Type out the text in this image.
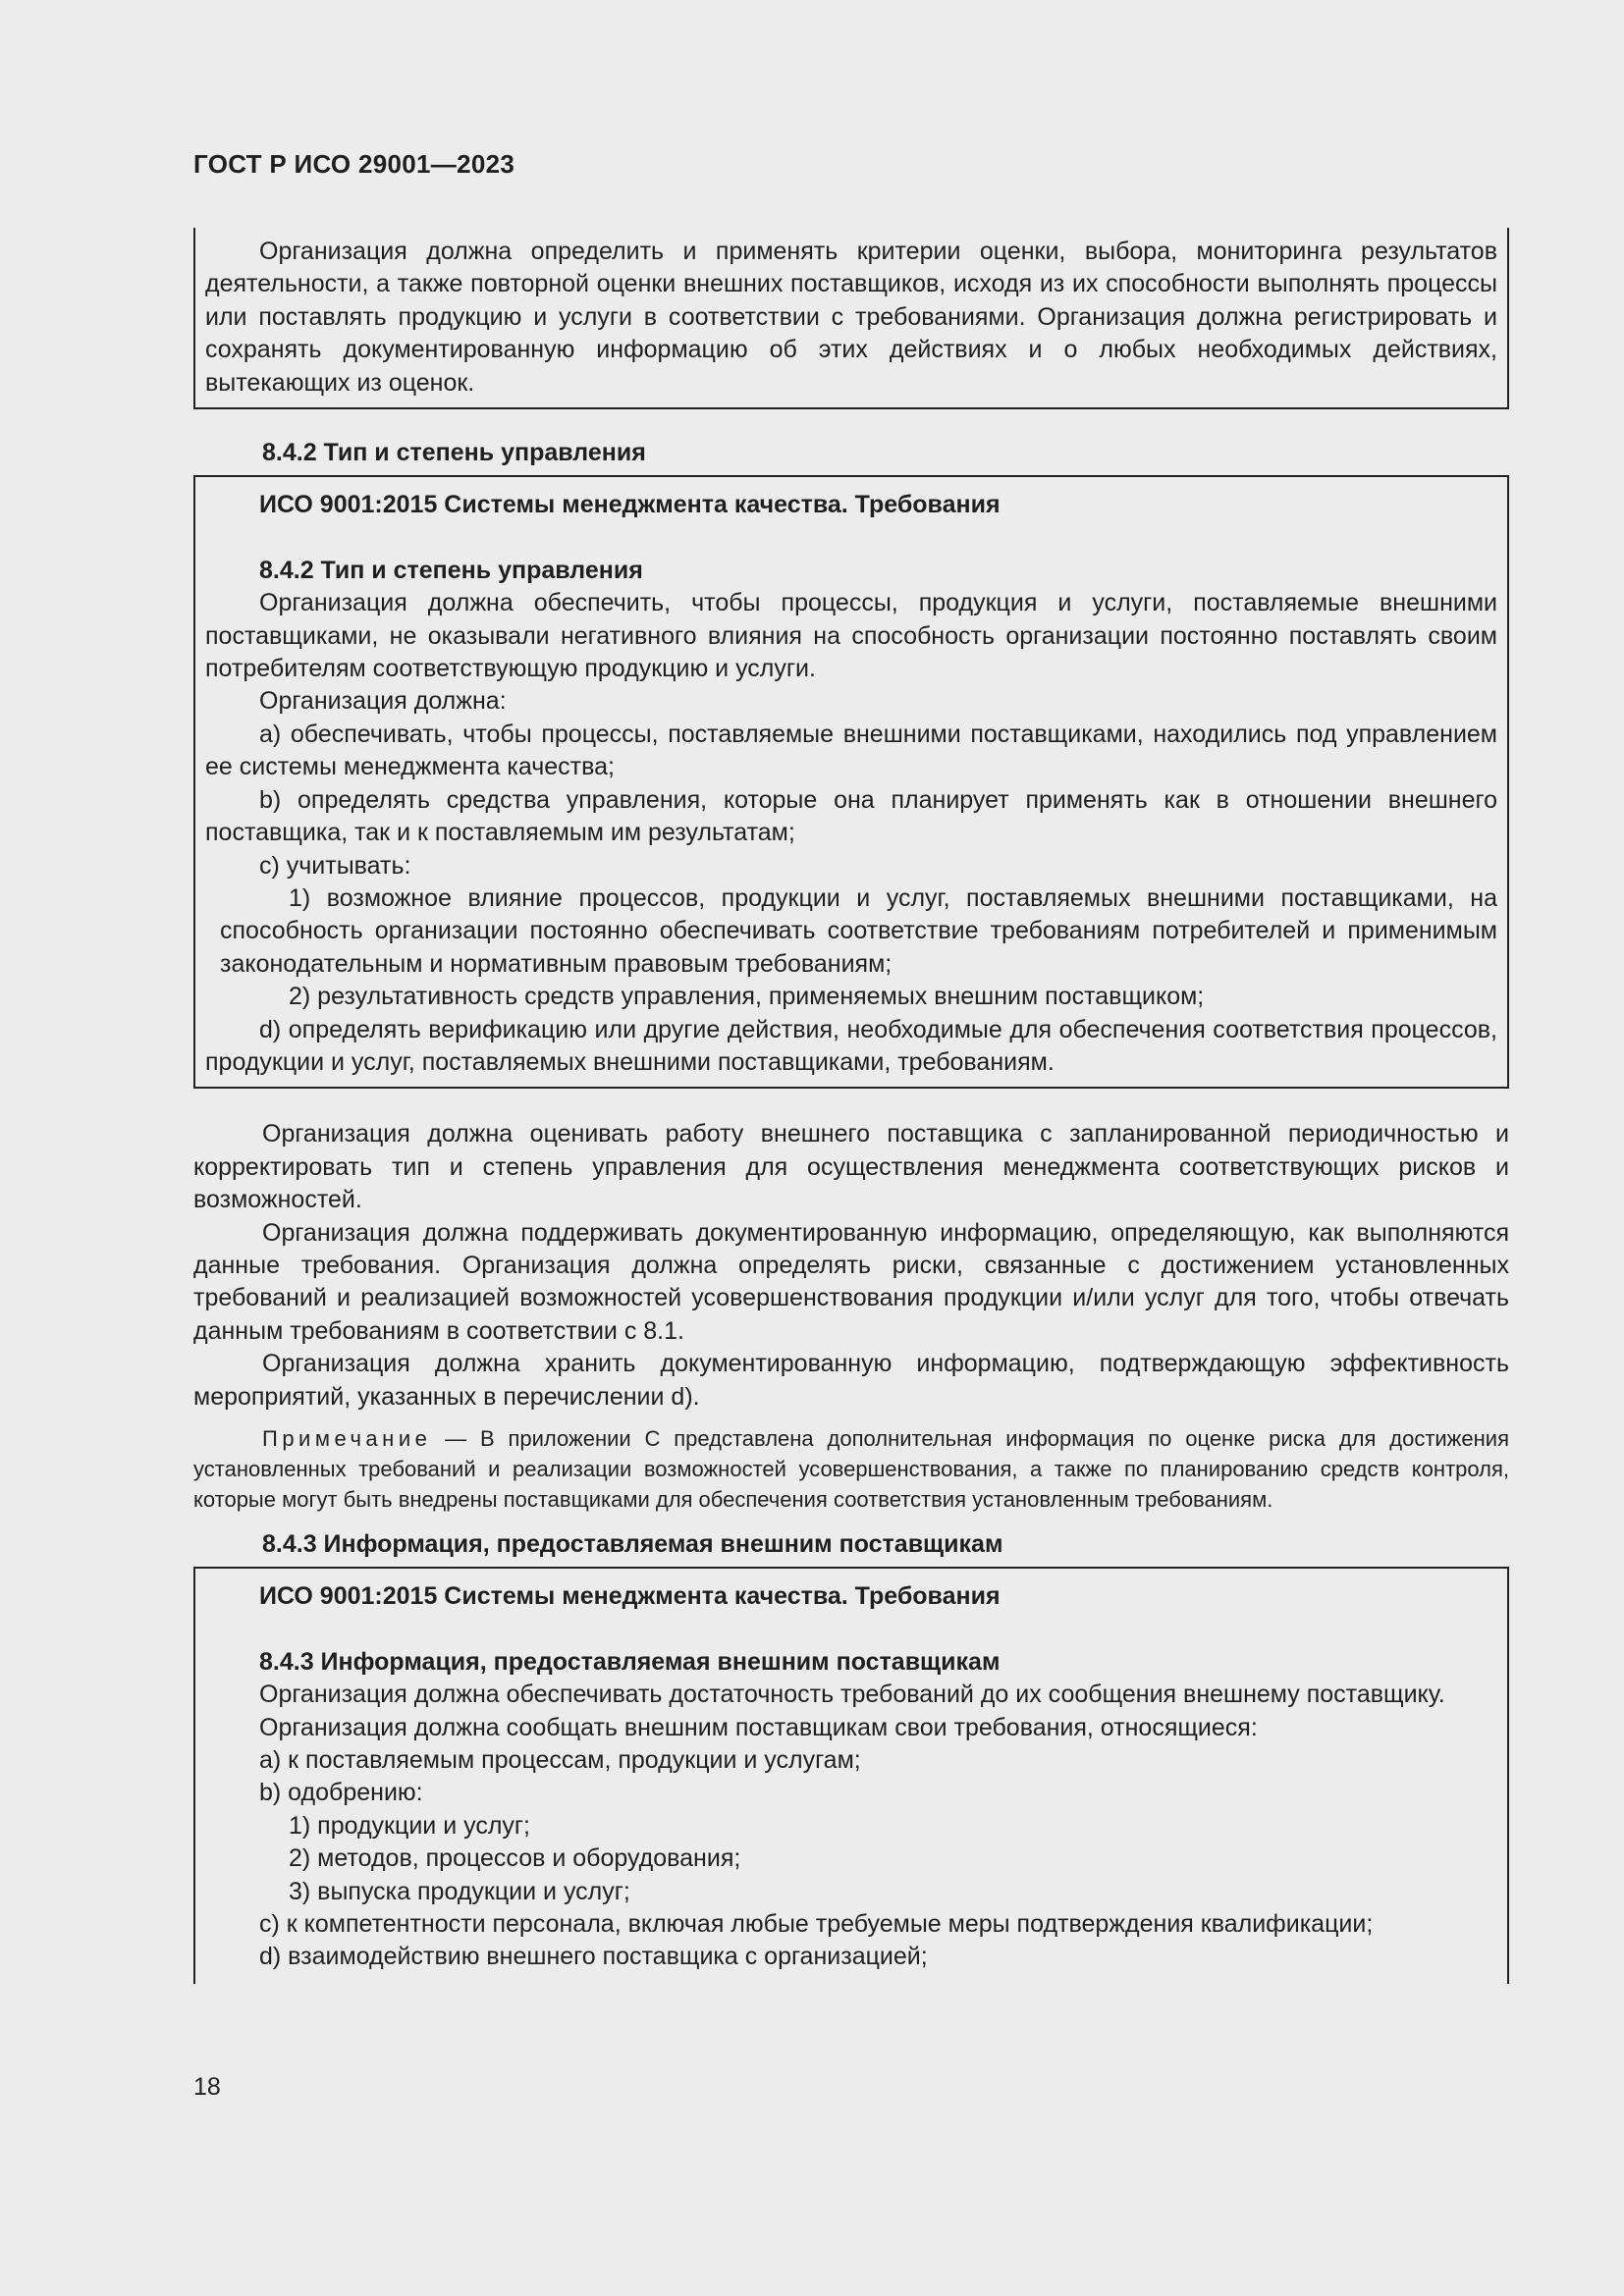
ГОСТ Р ИСО 29001—2023

Организация должна определить и применять критерии оценки, выбора, мониторинга результатов деятельности, а также повторной оценки внешних поставщиков, исходя из их способности выполнять процессы или поставлять продукцию и услуги в соответствии с требованиями. Организация должна регистрировать и сохранять документированную информацию об этих действиях и о любых необходимых действиях, вытекающих из оценок.

8.4.2 Тип и степень управления

ИСО 9001:2015 Системы менеджмента качества. Требования

8.4.2 Тип и степень управления

Организация должна обеспечить, чтобы процессы, продукция и услуги, поставляемые внешними поставщиками, не оказывали негативного влияния на способность организации постоянно поставлять своим потребителям соответствующую продукцию и услуги.

Организация должна:

a) обеспечивать, чтобы процессы, поставляемые внешними поставщиками, находились под управлением ее системы менеджмента качества;

b) определять средства управления, которые она планирует применять как в отношении внешнего поставщика, так и к поставляемым им результатам;

c) учитывать:

1) возможное влияние процессов, продукции и услуг, поставляемых внешними поставщиками, на способность организации постоянно обеспечивать соответствие требованиям потребителей и применимым законодательным и нормативным правовым требованиям;

2) результативность средств управления, применяемых внешним поставщиком;

d) определять верификацию или другие действия, необходимые для обеспечения соответствия процессов, продукции и услуг, поставляемых внешними поставщиками, требованиям.

Организация должна оценивать работу внешнего поставщика с запланированной периодичностью и корректировать тип и степень управления для осуществления менеджмента соответствующих рисков и возможностей.

Организация должна поддерживать документированную информацию, определяющую, как выполняются данные требования. Организация должна определять риски, связанные с достижением установленных требований и реализацией возможностей усовершенствования продукции и/или услуг для того, чтобы отвечать данным требованиям в соответствии с 8.1.

Организация должна хранить документированную информацию, подтверждающую эффективность мероприятий, указанных в перечислении d).

Примечание — В приложении С представлена дополнительная информация по оценке риска для достижения установленных требований и реализации возможностей усовершенствования, а также по планированию средств контроля, которые могут быть внедрены поставщиками для обеспечения соответствия установленным требованиям.

8.4.3 Информация, предоставляемая внешним поставщикам

ИСО 9001:2015 Системы менеджмента качества. Требования

8.4.3 Информация, предоставляемая внешним поставщикам

Организация должна обеспечивать достаточность требований до их сообщения внешнему поставщику.

Организация должна сообщать внешним поставщикам свои требования, относящиеся:

a) к поставляемым процессам, продукции и услугам;

b) одобрению:

1) продукции и услуг;

2) методов, процессов и оборудования;

3) выпуска продукции и услуг;

c) к компетентности персонала, включая любые требуемые меры подтверждения квалификации;

d) взаимодействию внешнего поставщика с организацией;

18
